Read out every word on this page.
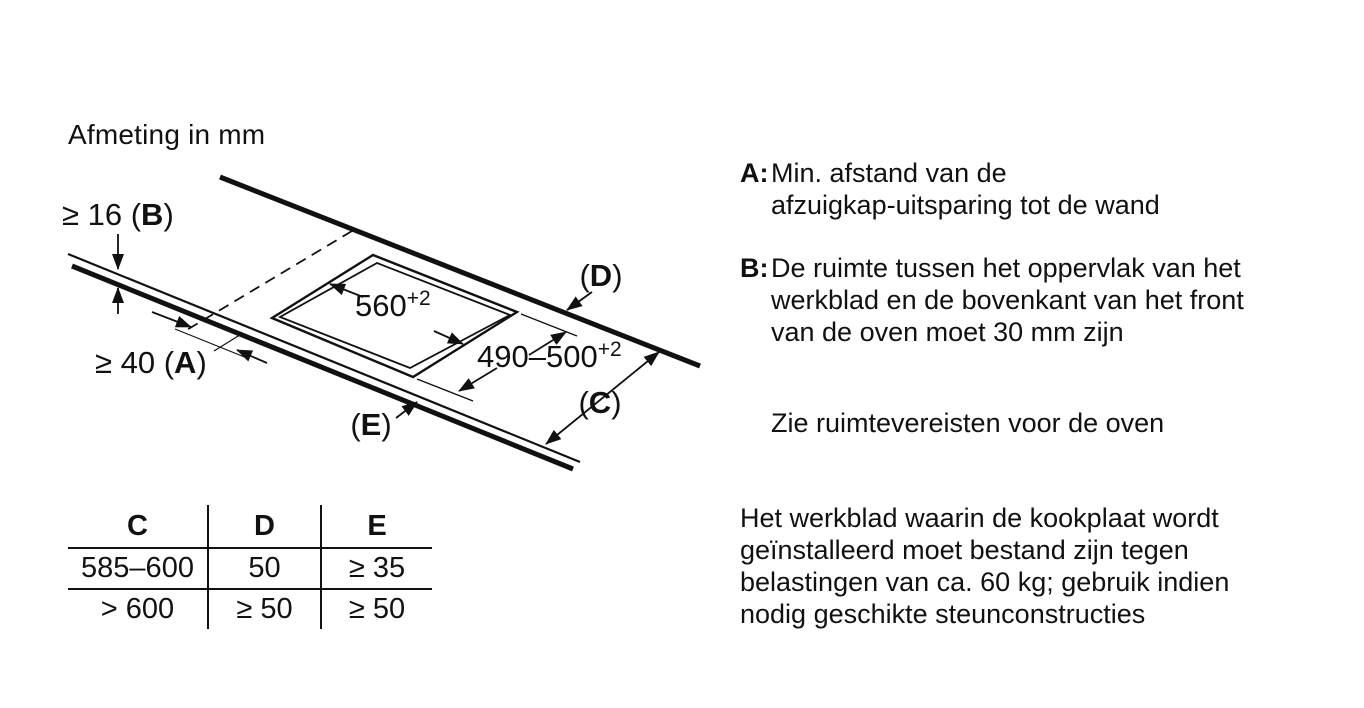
Afmeting in mm
$560^{+2}$
$490-500^{+2}$
(D)
(C)
(E)
≥ 16 (B)
≥ 40 (A)
C	D	E
585–600	50	≥ 35
> 600	≥ 50	≥ 50
A: Min. afstand van de
afzuigkap-uitsparing tot de wand
B: De ruimte tussen het oppervlak van het
werkblad en de bovenkant van het front
van de oven moet 30 mm zijn
Zie ruimtevereisten voor de oven
Het werkblad waarin de kookplaat wordt
geïnstalleerd moet bestand zijn tegen
belastingen van ca. 60 kg; gebruik indien
nodig geschikte steunconstructies
